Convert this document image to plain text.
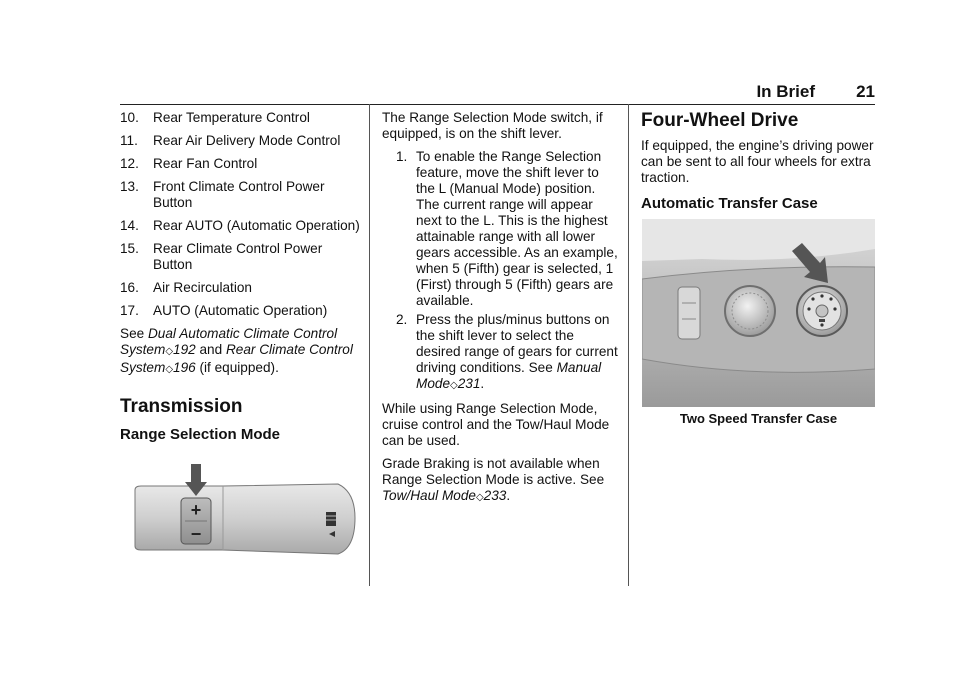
In Brief 21

10. Rear Temperature Control

11. Rear Air Delivery Mode Control

12. Rear Fan Control

13. Front Climate Control Power Button

14. Rear AUTO (Automatic Operation)

15. Rear Climate Control Power Button

16. Air Recirculation

17. AUTO (Automatic Operation)

See Dual Automatic Climate Control System◇192 and Rear Climate Control System◇196 (if equipped).

Transmission

Range Selection Mode

+
−

The Range Selection Mode switch, if equipped, is on the shift lever.

1. To enable the Range Selection feature, move the shift lever to the L (Manual Mode) position. The current range will appear next to the L. This is the highest attainable range with all lower gears accessible. As an example, when 5 (Fifth) gear is selected, 1 (First) through 5 (Fifth) gears are available.

2. Press the plus/minus buttons on the shift lever to select the desired range of gears for current driving conditions. See Manual Mode◇231.

While using Range Selection Mode, cruise control and the Tow/Haul Mode can be used.

Grade Braking is not available when Range Selection Mode is active. See Tow/Haul Mode◇233.

Four-Wheel Drive

If equipped, the engine’s driving power can be sent to all four wheels for extra traction.

Automatic Transfer Case

Two Speed Transfer Case
